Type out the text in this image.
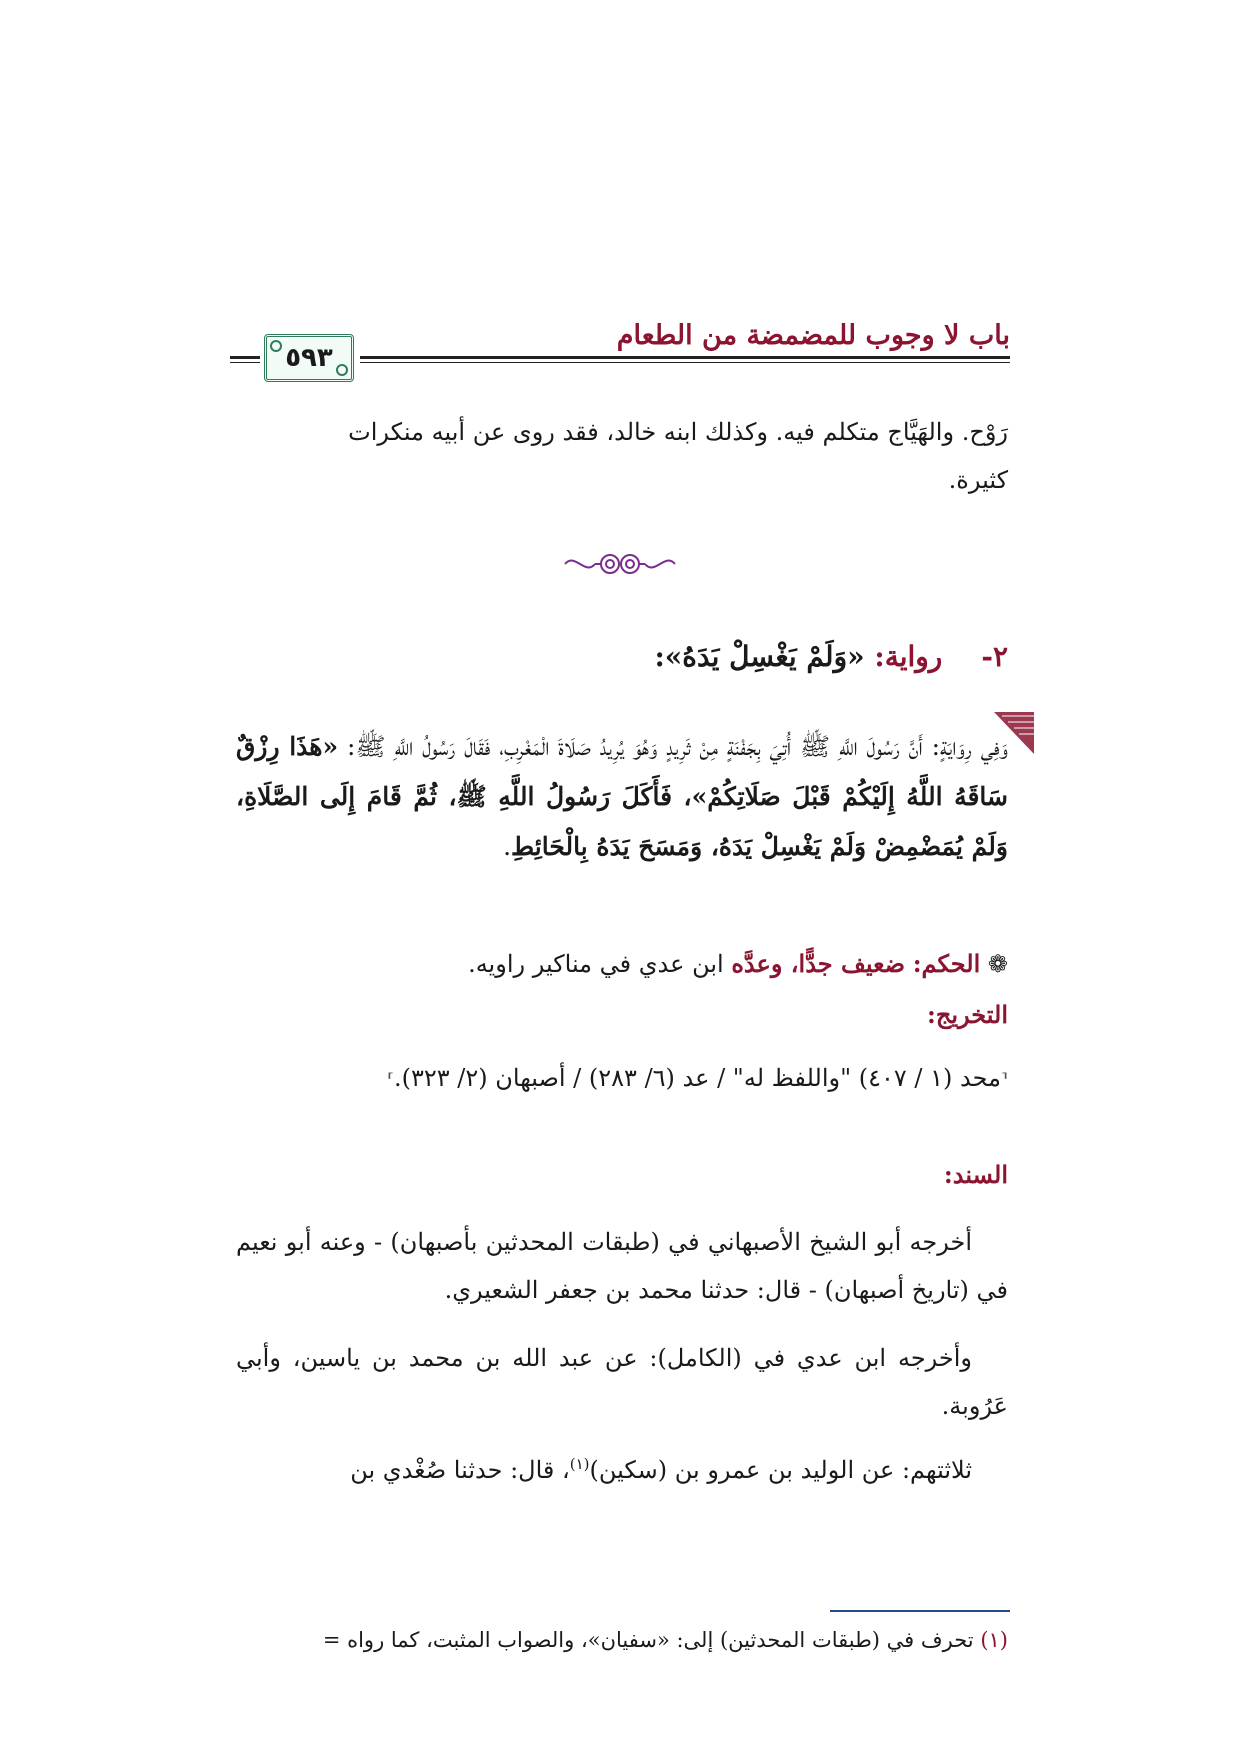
باب لا وجوب للمضمضة من الطعام
٥٩٣
رَوْح. والهَيَّاج متكلم فيه. وكذلك ابنه خالد، فقد روى عن أبيه منكرات
كثيرة.
٢-    رواية: «وَلَمْ يَغْسِلْ يَدَهُ»:
وَفِي رِوَايَةٍ: أَنَّ رَسُولَ اللَّهِ ﷺ أُتِيَ بِجَفْنَةٍ مِنْ ثَرِيدٍ وَهُوَ يُرِيدُ صَلَاةَ الْمَغْرِبِ، فَقَالَ رَسُولُ اللَّهِ ﷺ: «هَذَا رِزْقٌ سَاقَهُ اللَّهُ إِلَيْكُمْ قَبْلَ صَلَاتِكُمْ»، فَأَكَلَ رَسُولُ اللَّهِ ﷺ، ثُمَّ قَامَ إِلَى الصَّلَاةِ، وَلَمْ يُمَضْمِضْ وَلَمْ يَغْسِلْ يَدَهُ، وَمَسَحَ يَدَهُ بِالْحَائِطِ.
❁ الحكم: ضعيف جدًّا، وعدَّه ابن عدي في مناكير راويه.
التخريج:
⸢محد (١ / ٤٠٧) "واللفظ له" / عد (٦/ ٢٨٣) / أصبهان (٢/ ٣٢٣).⸣
السند:
أخرجه أبو الشيخ الأصبهاني في (طبقات المحدثين بأصبهان) - وعنه أبو نعيم في (تاريخ أصبهان) - قال: حدثنا محمد بن جعفر الشعيري.
وأخرجه ابن عدي في (الكامل): عن عبد الله بن محمد بن ياسين، وأبي عَرُوبة.
ثلاثتهم: عن الوليد بن عمرو بن (سكين)$^{(١)}$، قال: حدثنا صُغْدي بن
(١) تحرف في (طبقات المحدثين) إلى: «سفيان»، والصواب المثبت، كما رواه =
